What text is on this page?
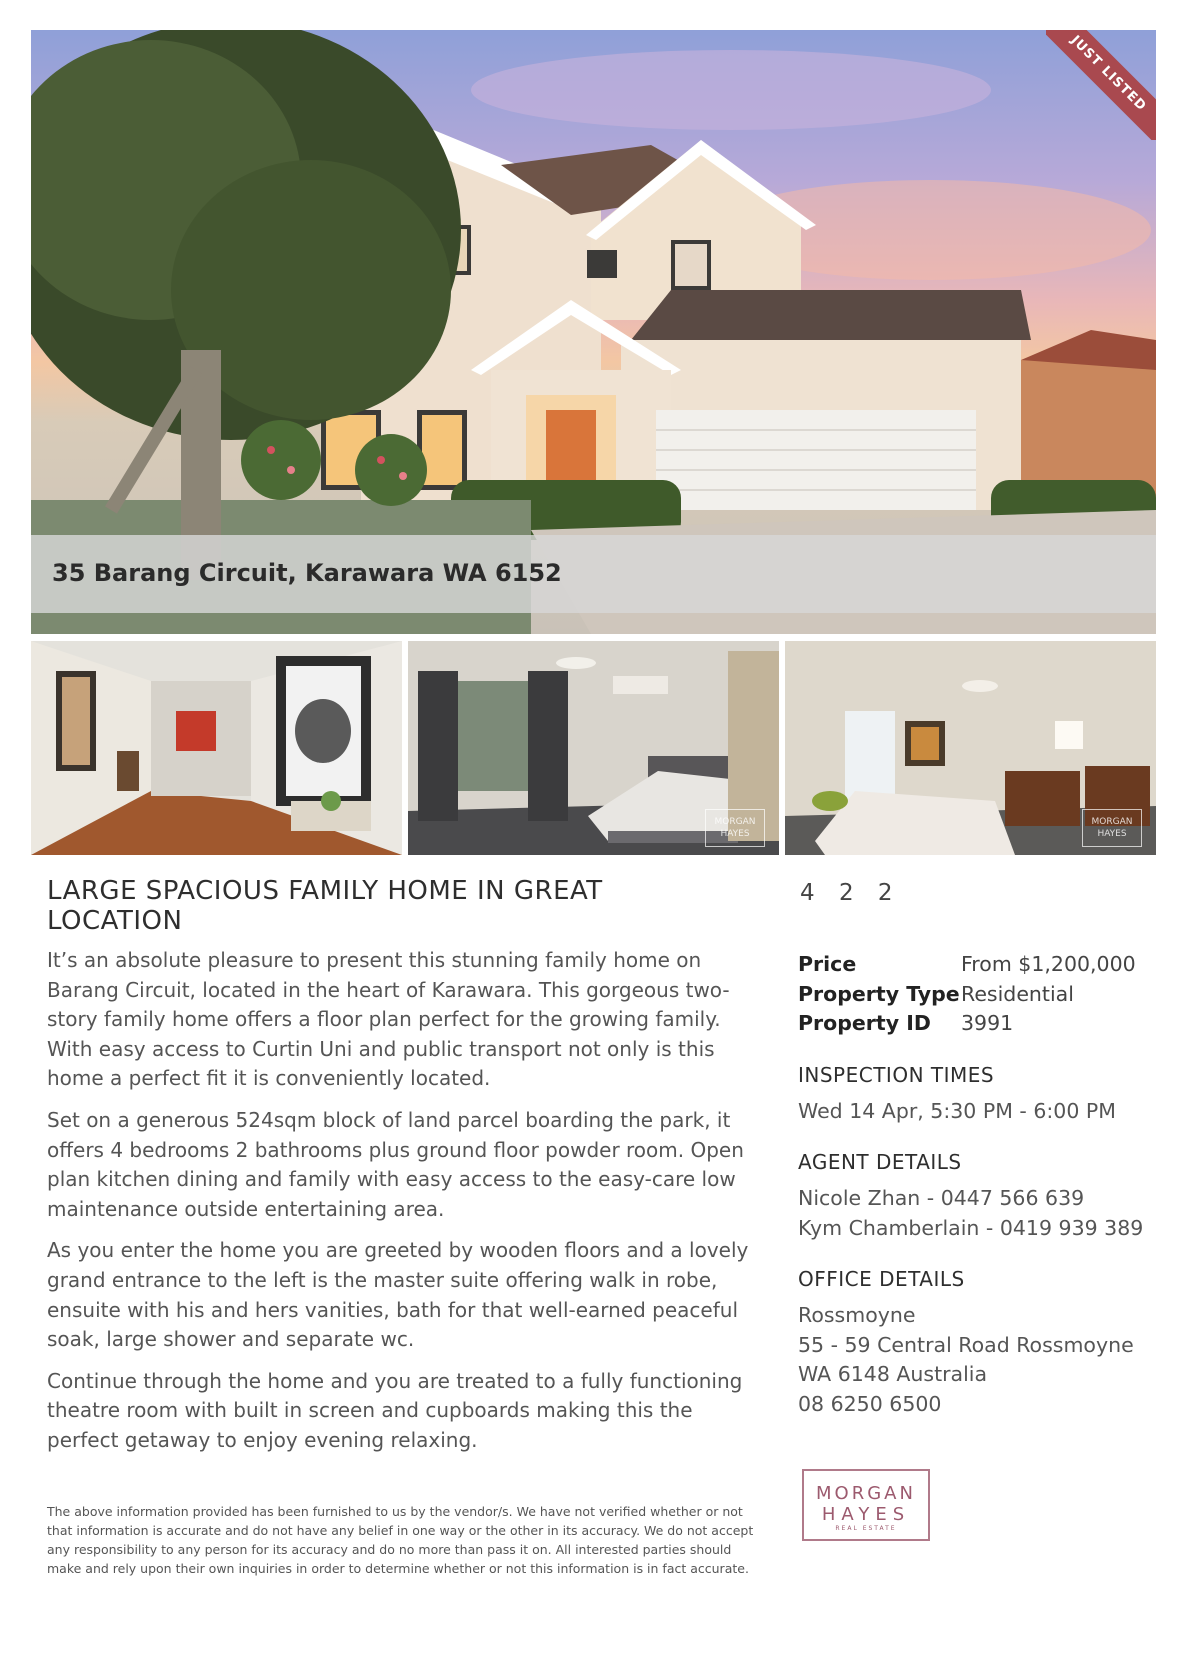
JUST LISTED
35 Barang Circuit, Karawara WA 6152
MORGAN HAYES
MORGAN HAYES
LARGE SPACIOUS FAMILY HOME IN GREAT LOCATION

It’s an absolute pleasure to present this stunning family home on Barang Circuit, located in the heart of Karawara. This gorgeous two-story family home offers a floor plan perfect for the growing family. With easy access to Curtin Uni and public transport not only is this home a perfect fit it is conveniently located.

Set on a generous 524sqm block of land parcel boarding the park, it offers 4 bedrooms 2 bathrooms plus ground floor powder room. Open plan kitchen dining and family with easy access to the easy-care low maintenance outside entertaining area.

As you enter the home you are greeted by wooden floors and a lovely grand entrance to the left is the master suite offering walk in robe, ensuite with his and hers vanities, bath for that well-earned peaceful soak, large shower and separate wc.

Continue through the home and you are treated to a fully functioning theatre room with built in screen and cupboards making this the perfect getaway to enjoy evening relaxing.

The above information provided has been furnished to us by the vendor/s. We have not verified whether or not that information is accurate and do not have any belief in one way or the other in its accuracy. We do not accept any responsibility to any person for its accuracy and do no more than pass it on. All interested parties should make and rely upon their own inquiries in order to determine whether or not this information is in fact accurate.
4 2 2
Price	From $1,200,000
Property TypeResidential
Property ID 3991
INSPECTION TIMES
Wed 14 Apr, 5:30 PM - 6:00 PM
AGENT DETAILS
Nicole Zhan - 0447 566 639
Kym Chamberlain - 0419 939 389
OFFICE DETAILS
Rossmoyne
55 - 59 Central Road Rossmoyne
WA 6148 Australia
08 6250 6500
MORGAN
HAYES
REAL ESTATE
